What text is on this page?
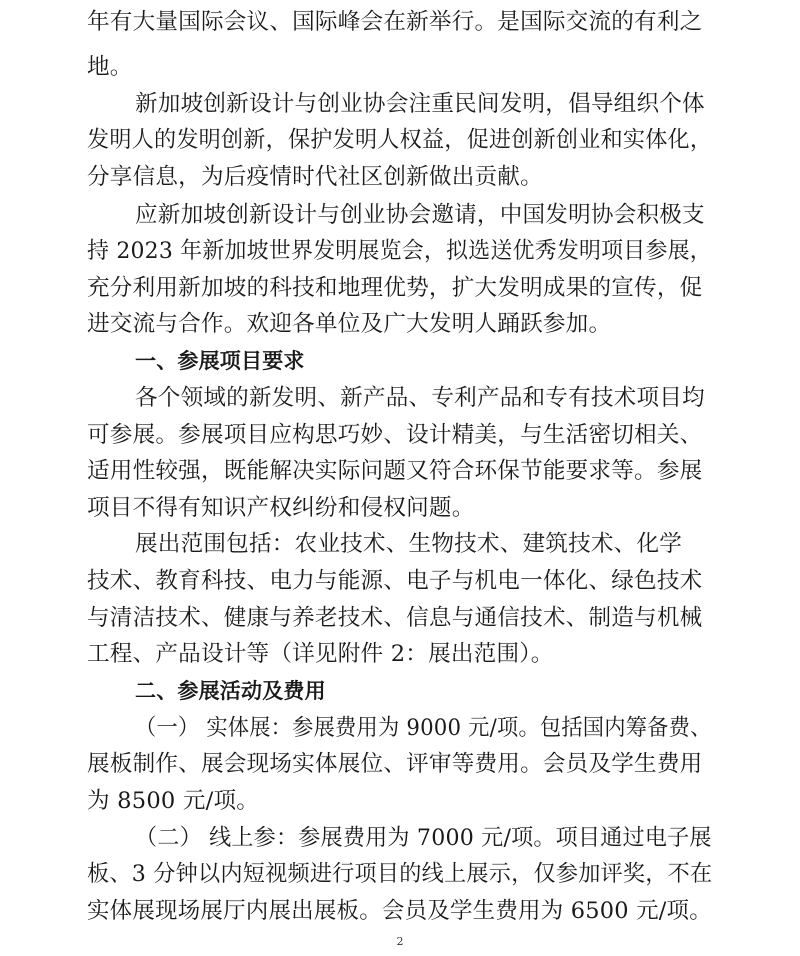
年有大量国际会议、国际峰会在新举行。是国际交流的有利之
地。
新加坡创新设计与创业协会注重民间发明，倡导组织个体
发明人的发明创新，保护发明人权益，促进创新创业和实体化，
分享信息，为后疫情时代社区创新做出贡献。
应新加坡创新设计与创业协会邀请，中国发明协会积极支
持 2023 年新加坡世界发明展览会，拟选送优秀发明项目参展，
充分利用新加坡的科技和地理优势，扩大发明成果的宣传，促
进交流与合作。欢迎各单位及广大发明人踊跃参加。
一、参展项目要求
各个领域的新发明、新产品、专利产品和专有技术项目均
可参展。参展项目应构思巧妙、设计精美，与生活密切相关、
适用性较强，既能解决实际问题又符合环保节能要求等。参展
项目不得有知识产权纠纷和侵权问题。
展出范围包括：农业技术、生物技术、建筑技术、化学
技术、教育科技、电力与能源、电子与机电一体化、绿色技术
与清洁技术、健康与养老技术、信息与通信技术、制造与机械
工程、产品设计等（详见附件 2：展出范围）。
二、参展活动及费用
（一） 实体展：参展费用为 9000 元/项。包括国内筹备费、
展板制作、展会现场实体展位、评审等费用。会员及学生费用
为 8500 元/项。
（二） 线上参：参展费用为 7000 元/项。项目通过电子展
板、3 分钟以内短视频进行项目的线上展示，仅参加评奖，不在
实体展现场展厅内展出展板。会员及学生费用为 6500 元/项。
2
